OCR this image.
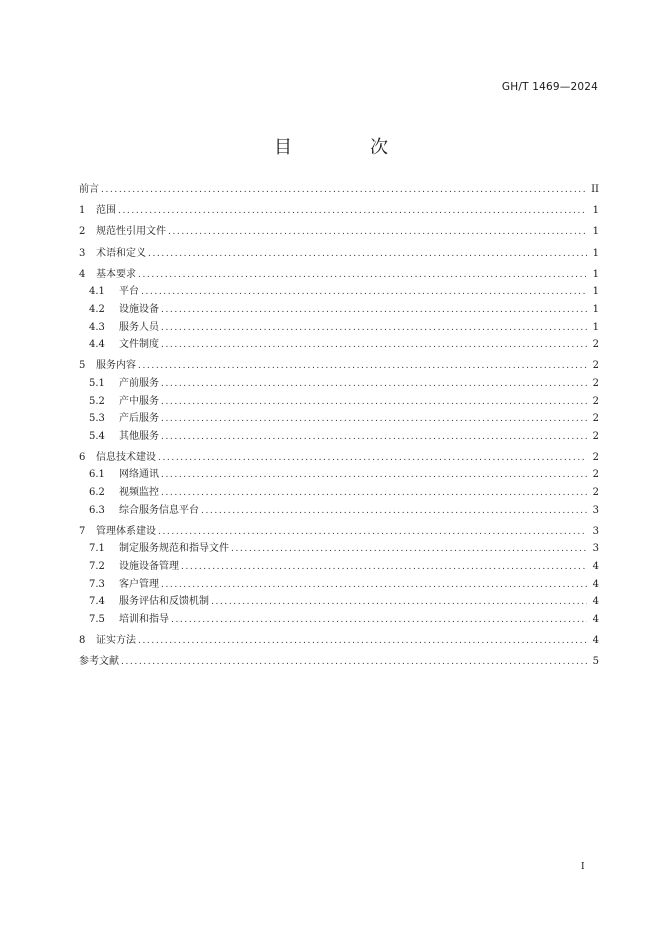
GH/T 1469—2024
目　次
前言 .....	II
1	范围 .....	1
2	规范性引用文件 .....	1
3	术语和定义 .....	1
4	基本要求 .....	1
4.1	平台 .....	1
4.2	设施设备 .....	1
4.3	服务人员 .....	1
4.4	文件制度 .....	2
5	服务内容 .....	2
5.1	产前服务 .....	2
5.2	产中服务 .....	2
5.3	产后服务 .....	2
5.4	其他服务 .....	2
6	信息技术建设 .....	2
6.1	网络通讯 .....	2
6.2	视频监控 .....	2
6.3	综合服务信息平台 .....	3
7	管理体系建设 .....	3
7.1	制定服务规范和指导文件 .....	3
7.2	设施设备管理 .....	4
7.3	客户管理 .....	4
7.4	服务评估和反馈机制 .....	4
7.5	培训和指导 .....	4
8	证实方法 .....	4
参考文献 .....	5
I
